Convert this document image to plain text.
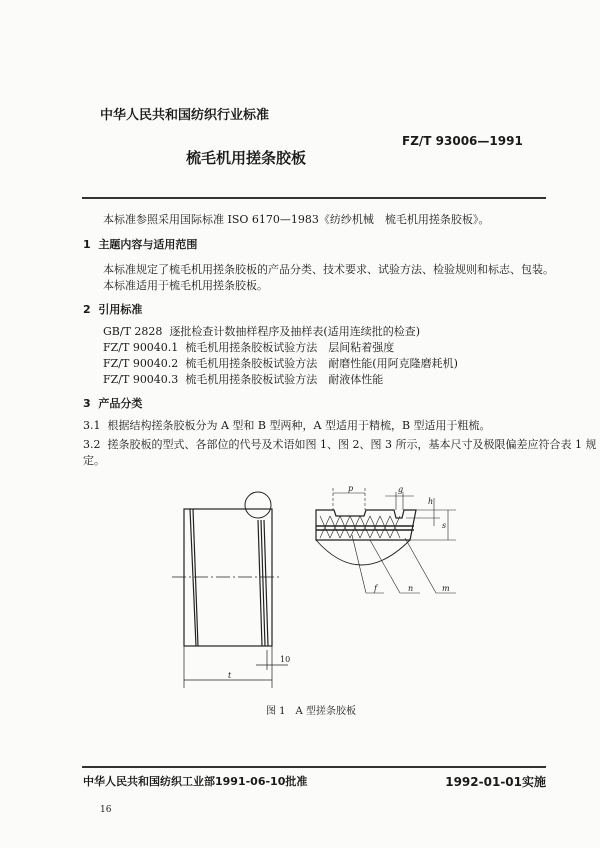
中华人民共和国纺织行业标准
FZ/T 93006—1991
梳毛机用搓条胶板
本标准参照采用国际标准 ISO 6170—1983《纺纱机械　梳毛机用搓条胶板》。
1 主题内容与适用范围
本标准规定了梳毛机用搓条胶板的产品分类、技术要求、试验方法、检验规则和标志、包装。
本标准适用于梳毛机用搓条胶板。
2 引用标准
GB/T 2828 逐批检查计数抽样程序及抽样表(适用连续批的检查)
FZ/T 90040.1 梳毛机用搓条胶板试验方法　层间粘着强度
FZ/T 90040.2 梳毛机用搓条胶板试验方法　耐磨性能(用阿克隆磨耗机)
FZ/T 90040.3 梳毛机用搓条胶板试验方法　耐液体性能
3 产品分类
3.1 根据结构搓条胶板分为 A 型和 B 型两种，A 型适用于精梳，B 型适用于粗梳。
3.2 搓条胶板的型式、各部位的代号及术语如图 1、图 2、图 3 所示，基本尺寸及极限偏差应符合表 1 规
定。
10
t
p	g
h
s
f	n	m
图 1　A 型搓条胶板
中华人民共和国纺织工业部1991-06-10批准	1992-01-01实施
16
